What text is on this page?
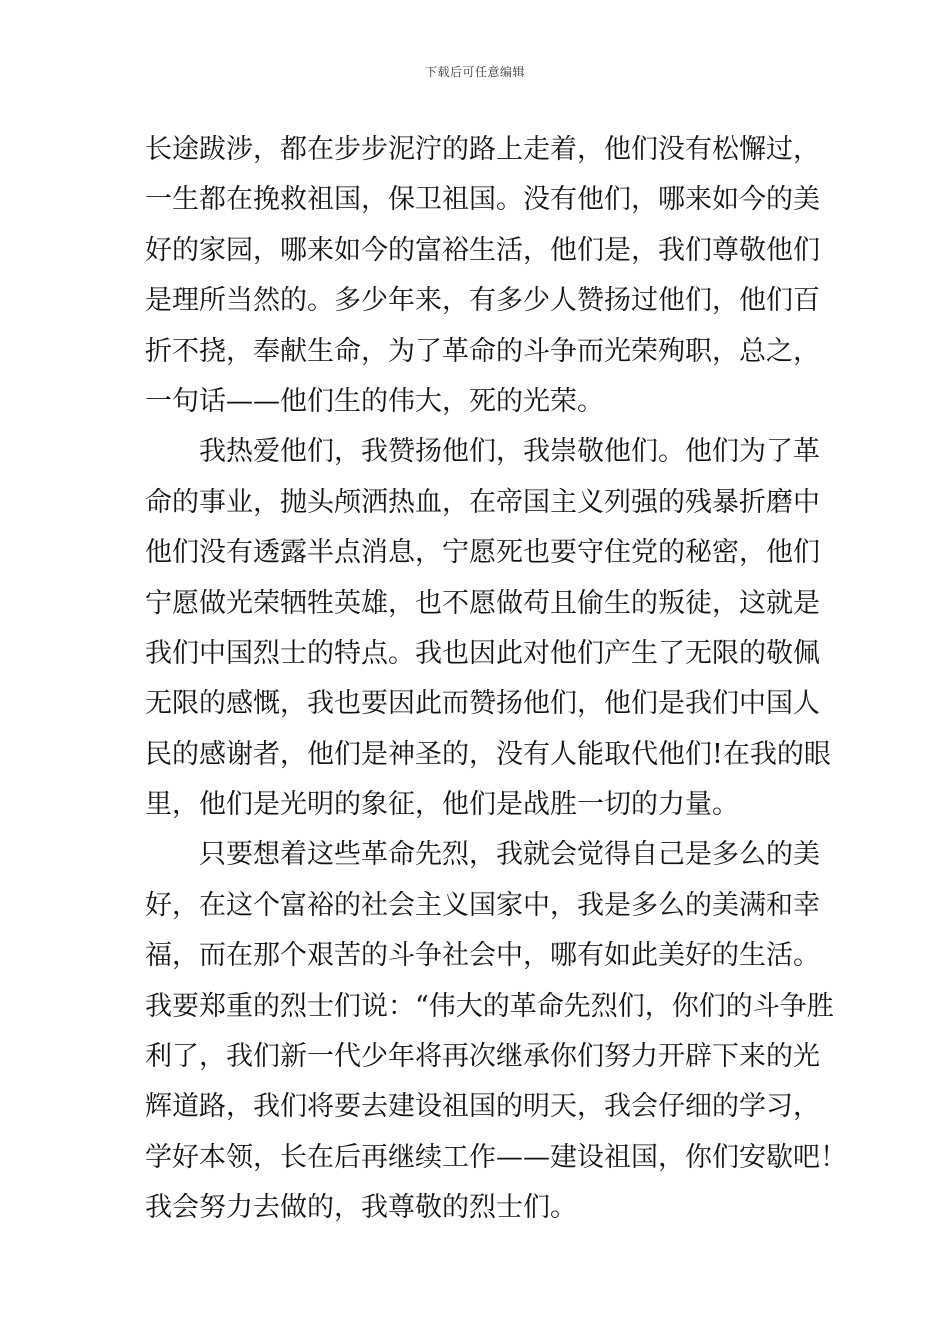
下载后可任意编辑

长途跋涉，都在步步泥泞的路上走着，他们没有松懈过，
一生都在挽救祖国，保卫祖国。没有他们，哪来如今的美
好的家园，哪来如今的富裕生活，他们是，我们尊敬他们
是理所当然的。多少年来，有多少人赞扬过他们，他们百
折不挠，奉献生命，为了革命的斗争而光荣殉职，总之，
一句话——他们生的伟大，死的光荣。

我热爱他们，我赞扬他们，我崇敬他们。他们为了革
命的事业，抛头颅洒热血，在帝国主义列强的残暴折磨中
他们没有透露半点消息，宁愿死也要守住党的秘密，他们
宁愿做光荣牺牲英雄，也不愿做苟且偷生的叛徒，这就是
我们中国烈士的特点。我也因此对他们产生了无限的敬佩
无限的感慨，我也要因此而赞扬他们，他们是我们中国人
民的感谢者，他们是神圣的，没有人能取代他们!在我的眼
里，他们是光明的象征，他们是战胜一切的力量。

只要想着这些革命先烈，我就会觉得自己是多么的美
好，在这个富裕的社会主义国家中，我是多么的美满和幸
福，而在那个艰苦的斗争社会中，哪有如此美好的生活。
我要郑重的烈士们说：“伟大的革命先烈们，你们的斗争胜
利了，我们新一代少年将再次继承你们努力开辟下来的光
辉道路，我们将要去建设祖国的明天，我会仔细的学习，
学好本领，长在后再继续工作——建设祖国，你们安歇吧！
我会努力去做的，我尊敬的烈士们。
